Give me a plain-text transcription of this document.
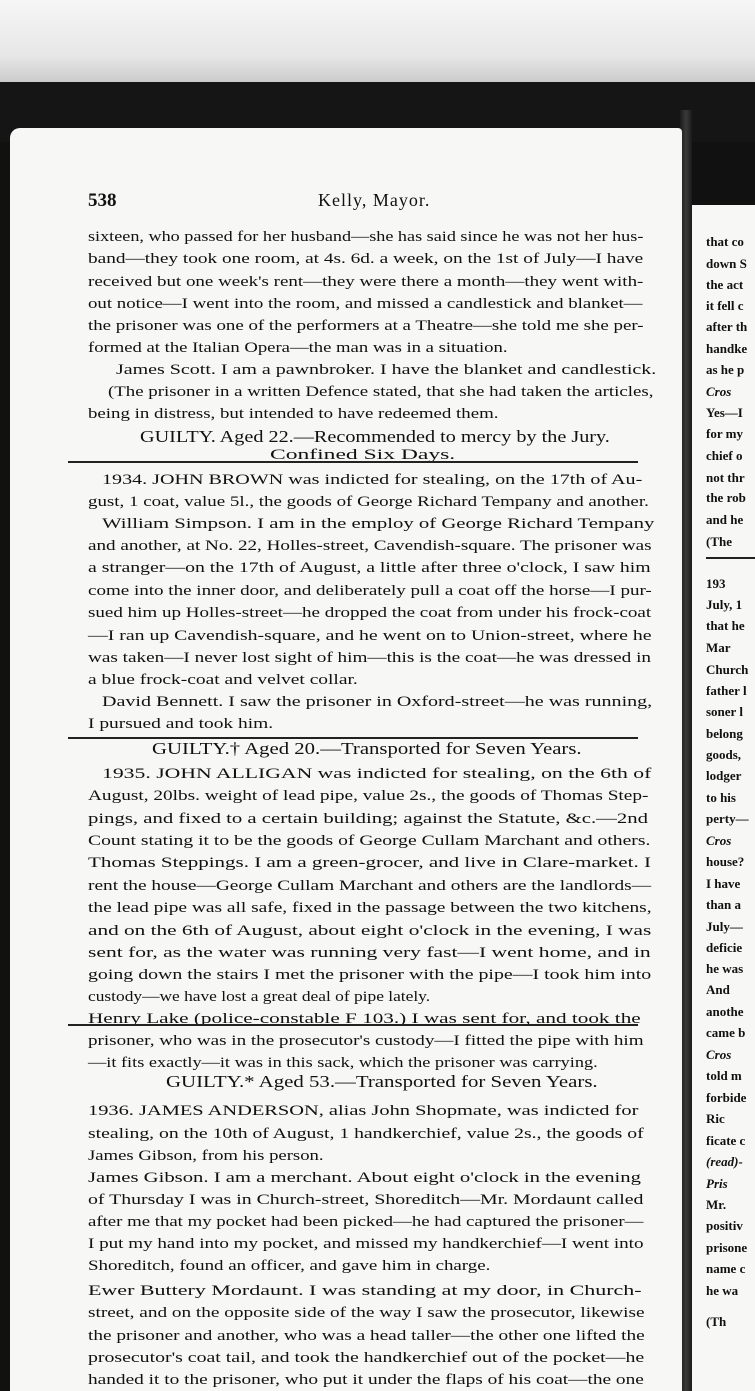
538	Kelly, Mayor.
sixteen, who passed for her husband—she has said since he was not her hus-
band—they took one room, at 4s. 6d. a week, on the 1st of July—I have
received but one week's rent—they were there a month—they went with-
out notice—I went into the room, and missed a candlestick and blanket—
the prisoner was one of the performers at a Theatre—she told me she per-
formed at the Italian Opera—the man was in a situation.
James Scott. I am a pawnbroker. I have the blanket and candlestick.
(The prisoner in a written Defence stated, that she had taken the articles,
being in distress, but intended to have redeemed them.
GUILTY. Aged 22.—Recommended to mercy by the Jury.
Confined Six Days.
1934. JOHN BROWN was indicted for stealing, on the 17th of Au-
gust, 1 coat, value 5l., the goods of George Richard Tempany and another.
William Simpson. I am in the employ of George Richard Tempany
and another, at No. 22, Holles-street, Cavendish-square. The prisoner was
a stranger—on the 17th of August, a little after three o'clock, I saw him
come into the inner door, and deliberately pull a coat off the horse—I pur-
sued him up Holles-street—he dropped the coat from under his frock-coat
—I ran up Cavendish-square, and he went on to Union-street, where he
was taken—I never lost sight of him—this is the coat—he was dressed in
a blue frock-coat and velvet collar.
David Bennett. I saw the prisoner in Oxford-street—he was running,
I pursued and took him.
GUILTY.† Aged 20.—Transported for Seven Years.
1935. JOHN ALLIGAN was indicted for stealing, on the 6th of
August, 20lbs. weight of lead pipe, value 2s., the goods of Thomas Step-
pings, and fixed to a certain building; against the Statute, &c.—2nd
Count stating it to be the goods of George Cullam Marchant and others.
Thomas Steppings. I am a green-grocer, and live in Clare-market. I
rent the house—George Cullam Marchant and others are the landlords—
the lead pipe was all safe, fixed in the passage between the two kitchens,
and on the 6th of August, about eight o'clock in the evening, I was
sent for, as the water was running very fast—I went home, and in
going down the stairs I met the prisoner with the pipe—I took him into
custody—we have lost a great deal of pipe lately.
Henry Lake (police-constable F 103.) I was sent for, and took the
prisoner, who was in the prosecutor's custody—I fitted the pipe with him
—it fits exactly—it was in this sack, which the prisoner was carrying.
GUILTY.* Aged 53.—Transported for Seven Years.
1936. JAMES ANDERSON, alias John Shopmate, was indicted for
stealing, on the 10th of August, 1 handkerchief, value 2s., the goods of
James Gibson, from his person.
James Gibson. I am a merchant. About eight o'clock in the evening
of Thursday I was in Church-street, Shoreditch—Mr. Mordaunt called
after me that my pocket had been picked—he had captured the prisoner—
I put my hand into my pocket, and missed my handkerchief—I went into
Shoreditch, found an officer, and gave him in charge.
Ewer Buttery Mordaunt. I was standing at my door, in Church-
street, and on the opposite side of the way I saw the prosecutor, likewise
the prisoner and another, who was a head taller—the other one lifted the
prosecutor's coat tail, and took the handkerchief out of the pocket—he
handed it to the prisoner, who put it under the flaps of his coat—the one
that co
down S
the act
it fell c
after th
handke
as he p
Cros
Yes—I
for my
chief o
not thr
the rob
and he
(The
193
July, 1
that he
Mar
Church
father l
soner l
belong
goods,
lodger
to his
perty—
Cros
house?
I have
than a
July—
deficie
he was
And
anothe
came b
Cros
told m
forbide
Ric
ficate c
(read)-
Pris
Mr.
positiv
prisone
name c
he wa
(Th
